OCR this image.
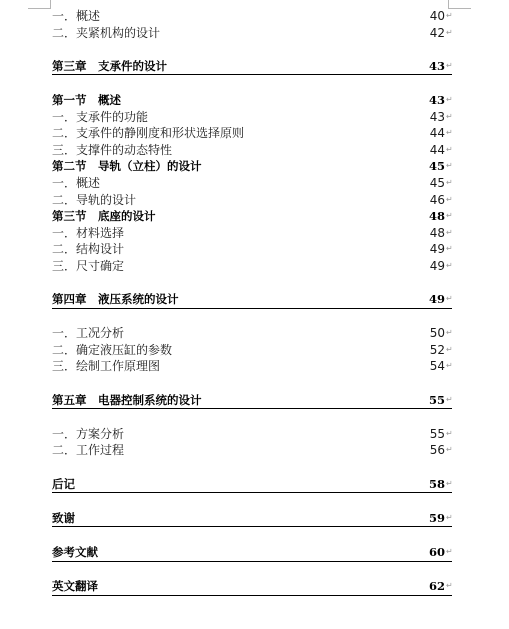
一．概述	40 ↵
二．夹紧机构的设计	42 ↵
第三章　支承件的设计	43 ↵
第一节　概述	43 ↵
一．支承件的功能	43 ↵
二．支承件的静刚度和形状选择原则	44 ↵
三．支撑件的动态特性	44 ↵
第二节　导轨（立柱）的设计	45 ↵
一．概述	45 ↵
二．导轨的设计	46 ↵
第三节　底座的设计	48 ↵
一．材料选择	48 ↵
二．结构设计	49 ↵
三．尺寸确定	49 ↵
第四章　液压系统的设计	49 ↵
一．工况分析	50 ↵
二．确定液压缸的参数	52 ↵
三．绘制工作原理图	54 ↵
第五章　电器控制系统的设计	55 ↵
一．方案分析	55 ↵
二．工作过程	56 ↵
后记	58 ↵
致谢	59 ↵
参考文献	60 ↵
英文翻译	62 ↵
